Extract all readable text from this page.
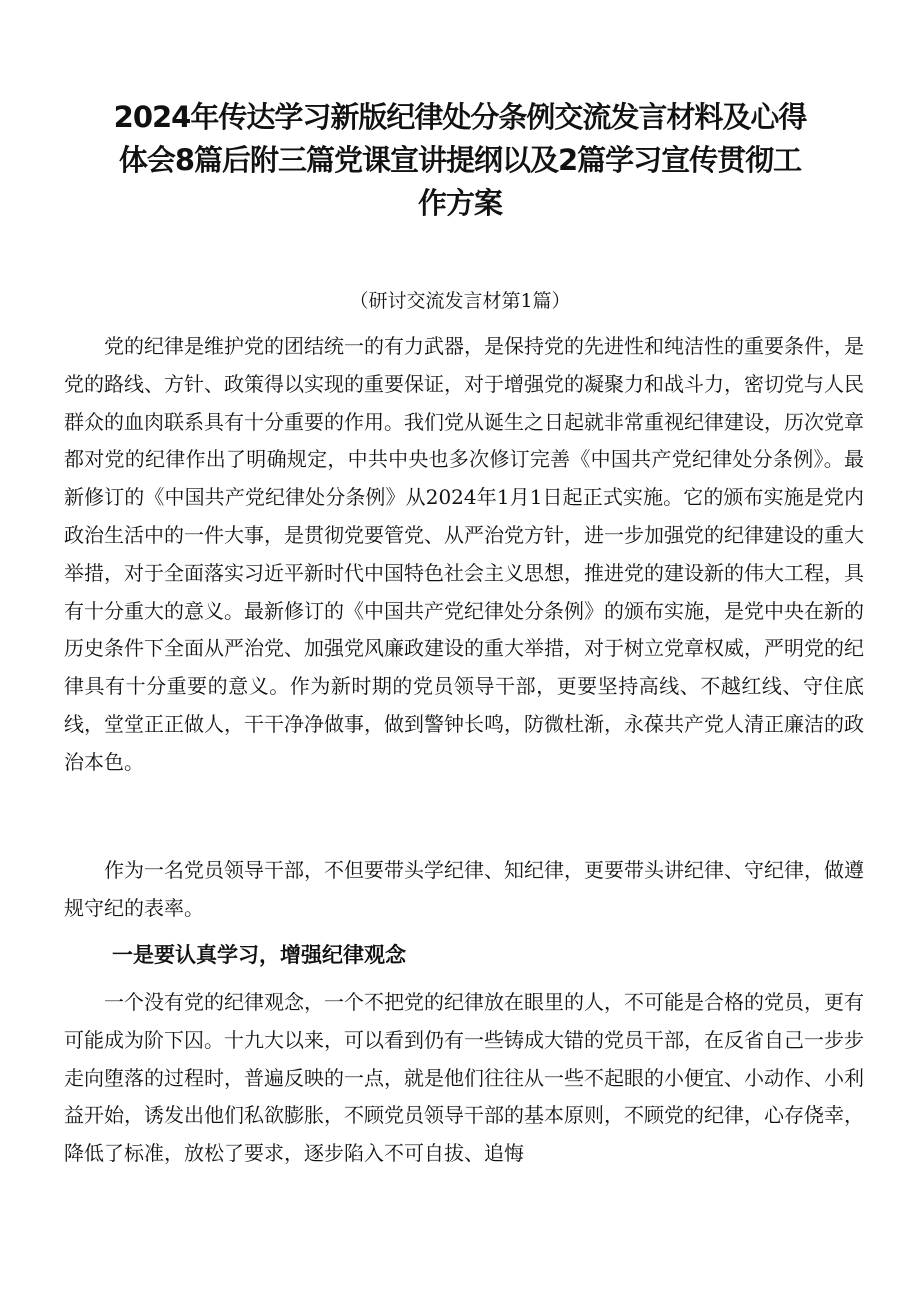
2024年传达学习新版纪律处分条例交流发言材料及心得体会8篇后附三篇党课宣讲提纲以及2篇学习宣传贯彻工作方案

（研讨交流发言材第1篇）

党的纪律是维护党的团结统一的有力武器，是保持党的先进性和纯洁性的重要条件，是党的路线、方针、政策得以实现的重要保证，对于增强党的凝聚力和战斗力，密切党与人民群众的血肉联系具有十分重要的作用。我们党从诞生之日起就非常重视纪律建设，历次党章都对党的纪律作出了明确规定，中共中央也多次修订完善《中国共产党纪律处分条例》。最新修订的《中国共产党纪律处分条例》从2024年1月1日起正式实施。它的颁布实施是党内政治生活中的一件大事，是贯彻党要管党、从严治党方针，进一步加强党的纪律建设的重大举措，对于全面落实习近平新时代中国特色社会主义思想，推进党的建设新的伟大工程，具有十分重大的意义。最新修订的《中国共产党纪律处分条例》的颁布实施，是党中央在新的历史条件下全面从严治党、加强党风廉政建设的重大举措，对于树立党章权威，严明党的纪律具有十分重要的意义。作为新时期的党员领导干部，更要坚持高线、不越红线、守住底线，堂堂正正做人，干干净净做事，做到警钟长鸣，防微杜渐，永葆共产党人清正廉洁的政治本色。

作为一名党员领导干部，不但要带头学纪律、知纪律，更要带头讲纪律、守纪律，做遵规守纪的表率。

一是要认真学习，增强纪律观念

一个没有党的纪律观念，一个不把党的纪律放在眼里的人，不可能是合格的党员，更有可能成为阶下囚。十九大以来，可以看到仍有一些铸成大错的党员干部，在反省自己一步步走向堕落的过程时，普遍反映的一点，就是他们往往从一些不起眼的小便宜、小动作、小利益开始，诱发出他们私欲膨胀，不顾党员领导干部的基本原则，不顾党的纪律，心存侥幸，降低了标准，放松了要求，逐步陷入不可自拔、追悔
